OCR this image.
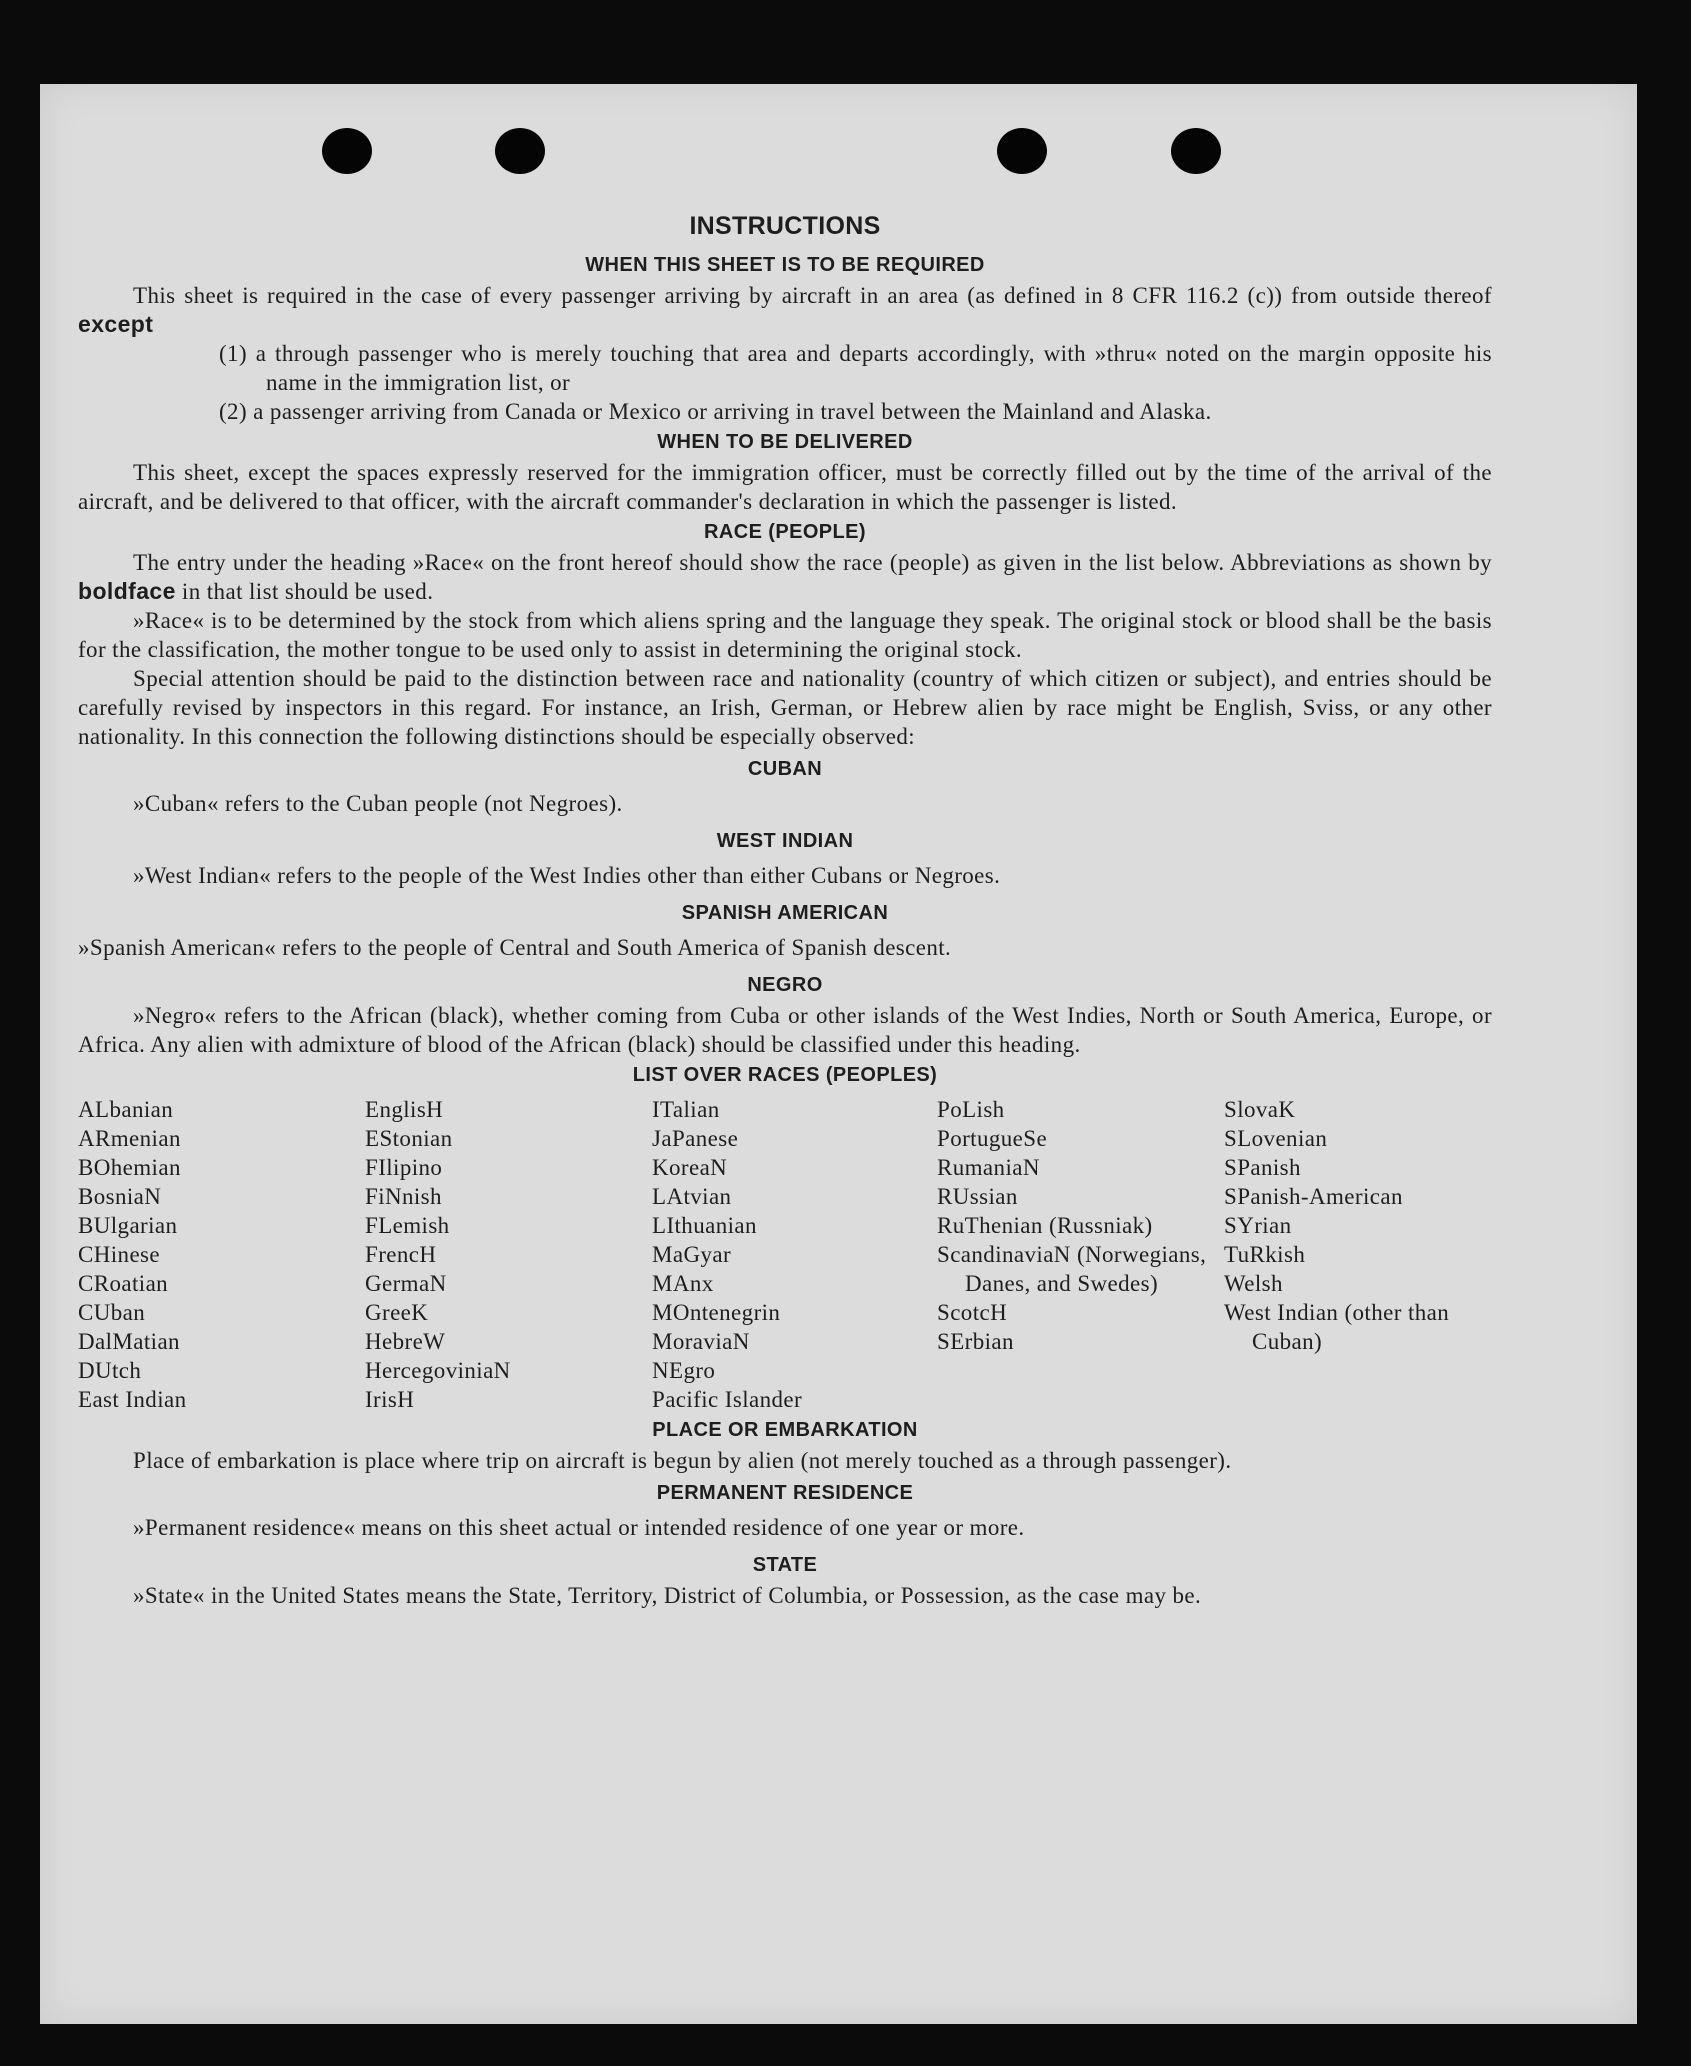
INSTRUCTIONS
WHEN THIS SHEET IS TO BE REQUIRED

This sheet is required in the case of every passenger arriving by aircraft in an area (as defined in 8 CFR 116.2 (c)) from outside thereof except

(1) a through passenger who is merely touching that area and departs accordingly, with »thru« noted on the margin opposite his name in the immigration list, or
(2) a passenger arriving from Canada or Mexico or arriving in travel between the Mainland and Alaska.
WHEN TO BE DELIVERED

This sheet, except the spaces expressly reserved for the immigration officer, must be correctly filled out by the time of the arrival of the aircraft, and be delivered to that officer, with the aircraft commander's declaration in which the passenger is listed.

RACE (PEOPLE)

The entry under the heading »Race« on the front hereof should show the race (people) as given in the list below. Abbreviations as shown by boldface in that list should be used.

»Race« is to be determined by the stock from which aliens spring and the language they speak. The original stock or blood shall be the basis for the classification, the mother tongue to be used only to assist in determining the original stock.

Special attention should be paid to the distinction between race and nationality (country of which citizen or subject), and entries should be carefully revised by inspectors in this regard. For instance, an Irish, German, or Hebrew alien by race might be English, Sviss, or any other nationality. In this connection the following distinctions should be especially observed:

CUBAN

»Cuban« refers to the Cuban people (not Negroes).

WEST INDIAN

»West Indian« refers to the people of the West Indies other than either Cubans or Negroes.

SPANISH AMERICAN

»Spanish American« refers to the people of Central and South America of Spanish descent.

NEGRO

»Negro« refers to the African (black), whether coming from Cuba or other islands of the West Indies, North or South America, Europe, or Africa. Any alien with admixture of blood of the African (black) should be classified under this heading.

LIST OVER RACES (PEOPLES)
ALbanian
ARmenian
BOhemian
BosniaN
BUlgarian
CHinese
CRoatian
CUban
DalMatian
DUtch
East Indian
EnglisH
EStonian
FIlipino
FiNnish
FLemish
FrencH
GermaN
GreeK
HebreW
HercegoviniaN
IrisH
ITalian
JaPanese
KoreaN
LAtvian
LIthuanian
MaGyar
MAnx
MOntenegrin
MoraviaN
NEgro
Pacific Islander
PoLish
PortugueSe
RumaniaN
RUssian
RuThenian (Russniak)
ScandinaviaN (Norwegians, Danes, and Swedes)
ScotcH
SErbian
SlovaK
SLovenian
SPanish
SPanish-American
SYrian
TuRkish
Welsh
West Indian (other than Cuban)
PLACE OR EMBARKATION

Place of embarkation is place where trip on aircraft is begun by alien (not merely touched as a through passenger).

PERMANENT RESIDENCE

»Permanent residence« means on this sheet actual or intended residence of one year or more.

STATE

»State« in the United States means the State, Territory, District of Columbia, or Possession, as the case may be.
